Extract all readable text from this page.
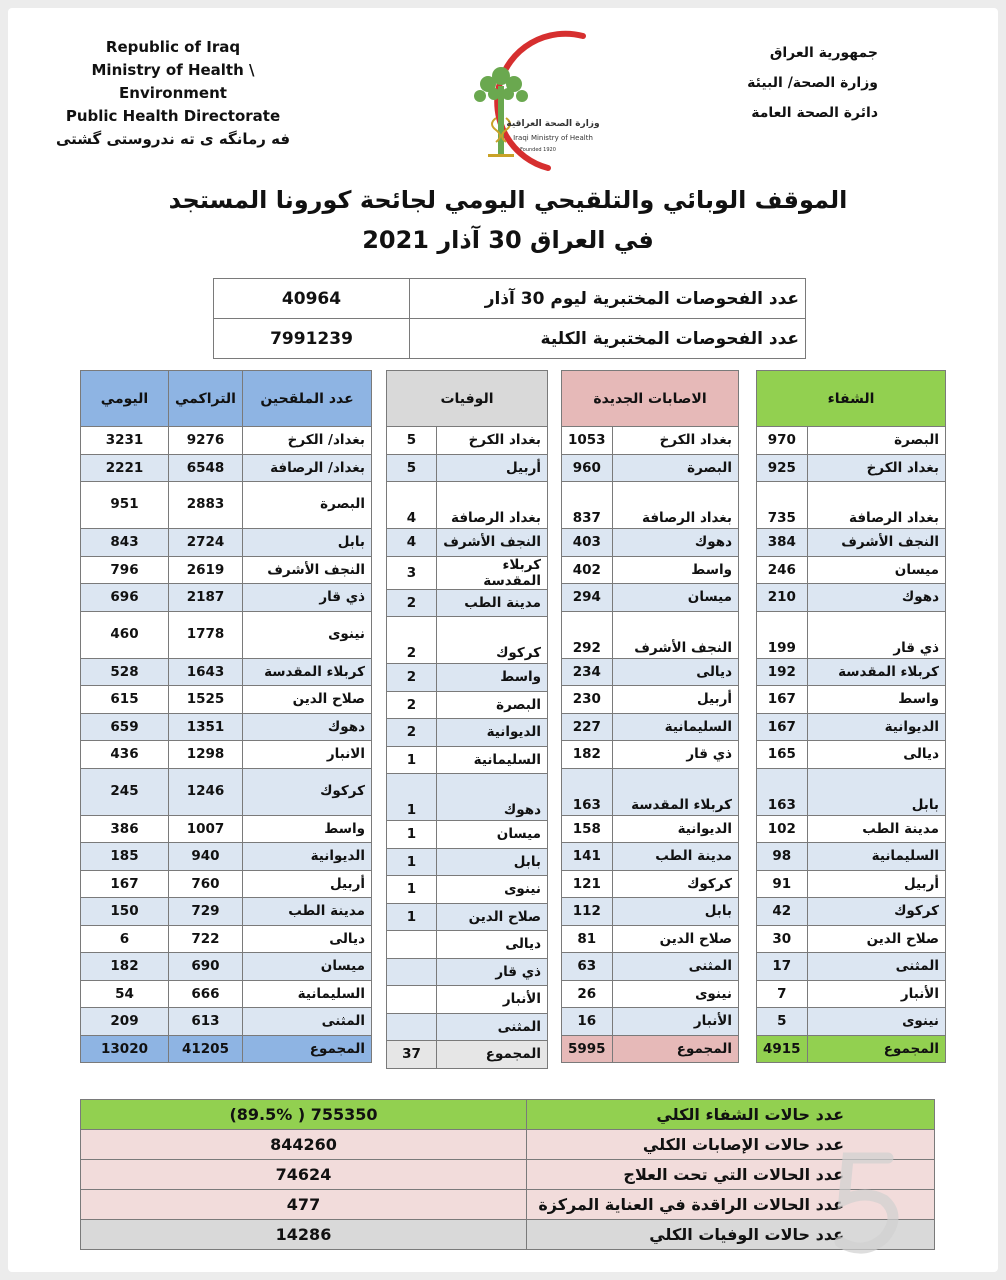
Republic of Iraq
Ministry of Health \ Environment
Public Health Directorate
فه رمانگه ى ته ندروستى گشتى
وزارة الصحة العراقية
Iraqi Ministry of Health
Founded 1920
جمهورية العراق
وزارة الصحة/ البيئة
دائرة الصحة العامة
الموقف الوبائي والتلقيحي اليومي لجائحة كورونا المستجد
في العراق 30 آذار 2021
40964	عدد الفحوصات المختبرية ليوم 30 آذار
7991239	عدد الفحوصات المختبرية الكلية
اليومي	التراكمي	عدد الملقحين
3231	9276	بغداد/ الكرخ
2221	6548	بغداد/ الرصافة
951	2883	البصرة
843	2724	بابل
796	2619	النجف الأشرف
696	2187	ذي قار
460	1778	نينوى
528	1643	كربلاء المقدسة
615	1525	صلاح الدين
659	1351	دهوك
436	1298	الانبار
245	1246	كركوك
386	1007	واسط
185	940	الديوانية
167	760	أربيل
150	729	مدينة الطب
6	722	ديالى
182	690	ميسان
54	666	السليمانية
209	613	المثنى
13020	41205	المجموع
الوفيات	
5	بغداد الكرخ
5	أربيل
4	بغداد الرصافة
4	النجف الأشرف
3	كربلاء المقدسة
2	مدينة الطب
2	كركوك
2	واسط
2	البصرة
2	الديوانية
1	السليمانية
1	دهوك
1	ميسان
1	بابل
1	نينوى
1	صلاح الدين
	ديالى
	ذي قار
	الأنبار
	المثنى
37	المجموع
الاصابات الجديدة	
1053	بغداد الكرخ
960	البصرة
837	بغداد الرصافة
403	دهوك
402	واسط
294	ميسان
292	النجف الأشرف
234	ديالى
230	أربيل
227	السليمانية
182	ذي قار
163	كربلاء المقدسة
158	الديوانية
141	مدينة الطب
121	كركوك
112	بابل
81	صلاح الدين
63	المثنى
26	نينوى
16	الأنبار
5995	المجموع
الشفاء	
970	البصرة
925	بغداد الكرخ
735	بغداد الرصافة
384	النجف الأشرف
246	ميسان
210	دهوك
199	ذي قار
192	كربلاء المقدسة
167	واسط
167	الديوانية
165	ديالى
163	بابل
102	مدينة الطب
98	السليمانية
91	أربيل
42	كركوك
30	صلاح الدين
17	المثنى
7	الأنبار
5	نينوى
4915	المجموع
(89.5% ) 755350	عدد حالات الشفاء الكلي
844260	عدد حالات الإصابات الكلي
74624	عدد الحالات التي تحت العلاج
477	عدد الحالات الراقدة في العناية المركزة
14286	عدد حالات الوفيات الكلي
